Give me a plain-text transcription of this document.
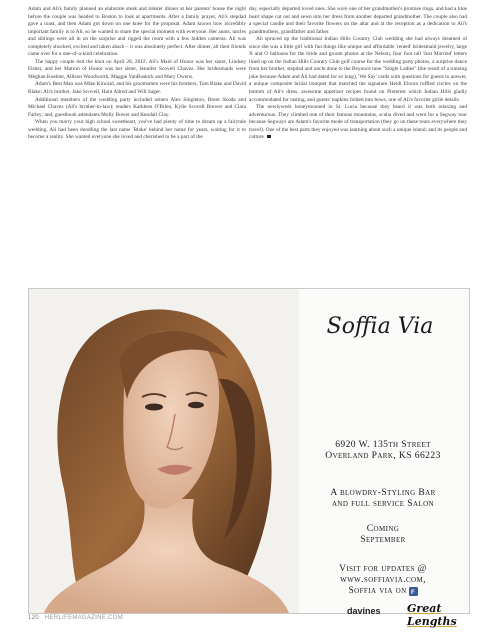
Adam and Ali's family planned an elaborate steak and lobster dinner at her parents' house the night before the couple was headed to Boston to look at apartments. After a family prayer, Ali's stepdad gave a toast, and then Adam got down on one knee for the proposal. Adam knows how incredibly important family is to Ali, so he wanted to share the special moment with everyone. Her aunts, uncles and siblings were all in on the surprise and rigged the room with a few hidden cameras. Ali was completely shocked, excited and taken aback – it was absolutely perfect. After dinner, all their friends came over for a one-of-a-kind celebration.

The happy couple tied the knot on April 28, 2012. Ali's Maid of Honor was her sister, Lindsey Fisher, and her Matron of Honor was her sister, Jennifer Scovell Chavez. Her bridesmaids were Meghan Koehler, Allison Woodworth, Maggie VanBuskirk and Mary Owens.

Adam's Best Man was Mike Kincaid, and his groomsmen were his brothers, Tom Blake and David Blake; Ali's brother, Jake Scovell, Hunt Allred and Will Sager.

Additional members of the wedding party included ushers Alex Singleton, Brent Skoda and Michael Chavez (Ali's brother-in-law); readers Kathleen O'Brien, Kylie Scovell Brewer and Clara Farley; and, guestbook attendants Molly Bower and Kendall Clay.

When you marry your high school sweetheart, you've had plenty of time to dream up a fairytale wedding. Ali had been doodling the last name 'Blake' behind her name for years, waiting for it to become a reality. She wanted everyone she loved and cherished to be a part of the

day, especially departed loved ones. She wore one of her grandmother's promise rings, and had a blue heart shape cut out and sewn into her dress from another departed grandmother. The couple also had a special candle and their favorite flowers on the altar and at the reception as a dedication to Ali's grandmothers, grandfather and father.

Ali spruced up the traditional Indian Hills Country Club wedding she had always dreamed of since she was a little girl with fun things like unique and affordable 'rented' bridesmaid jewelry, large X and O balloons for the bride and groom photos at the Nelson, four foot tall 'Just Married' letters lined up on the Indian Hills Country Club golf course for the wedding party photos, a surprise dance from her brother, stepdad and uncle done to the Beyoncé tune "Single Ladies" (the result of a running joke because Adam and Ali had dated for so long), 'We Say' cards with questions for guests to answer, a unique composite bridal bouquet that matched the signature Heidi Elnora ruffled circles on the bottom of Ali's dress, awesome appetizer recipes found on Pinterest which Indian Hills gladly accommodated for tasting, and guests' napkins folded into bows, one of Ali's favorite girlie details.

The newlyweds honeymooned in St. Lucia because they heard it was both relaxing and adventurous. They climbed one of their famous mountains, scuba dived and went for a Segway tour because Segways are Adam's favorite mode of transportation (they go on these tours everywhere they travel). One of the best parts they enjoyed was learning about such a unique island, and its people and culture.

Soffia Via

6920 W. 135th Street

Overland Park, KS 66223

A blowdry-Styling Bar

and full service Salon

Coming

September

Visit for updates @

www.soffiavia.com,

Soffia via on f

davines Great Lengths
120 HERLIFEMAGAZINE.COM
